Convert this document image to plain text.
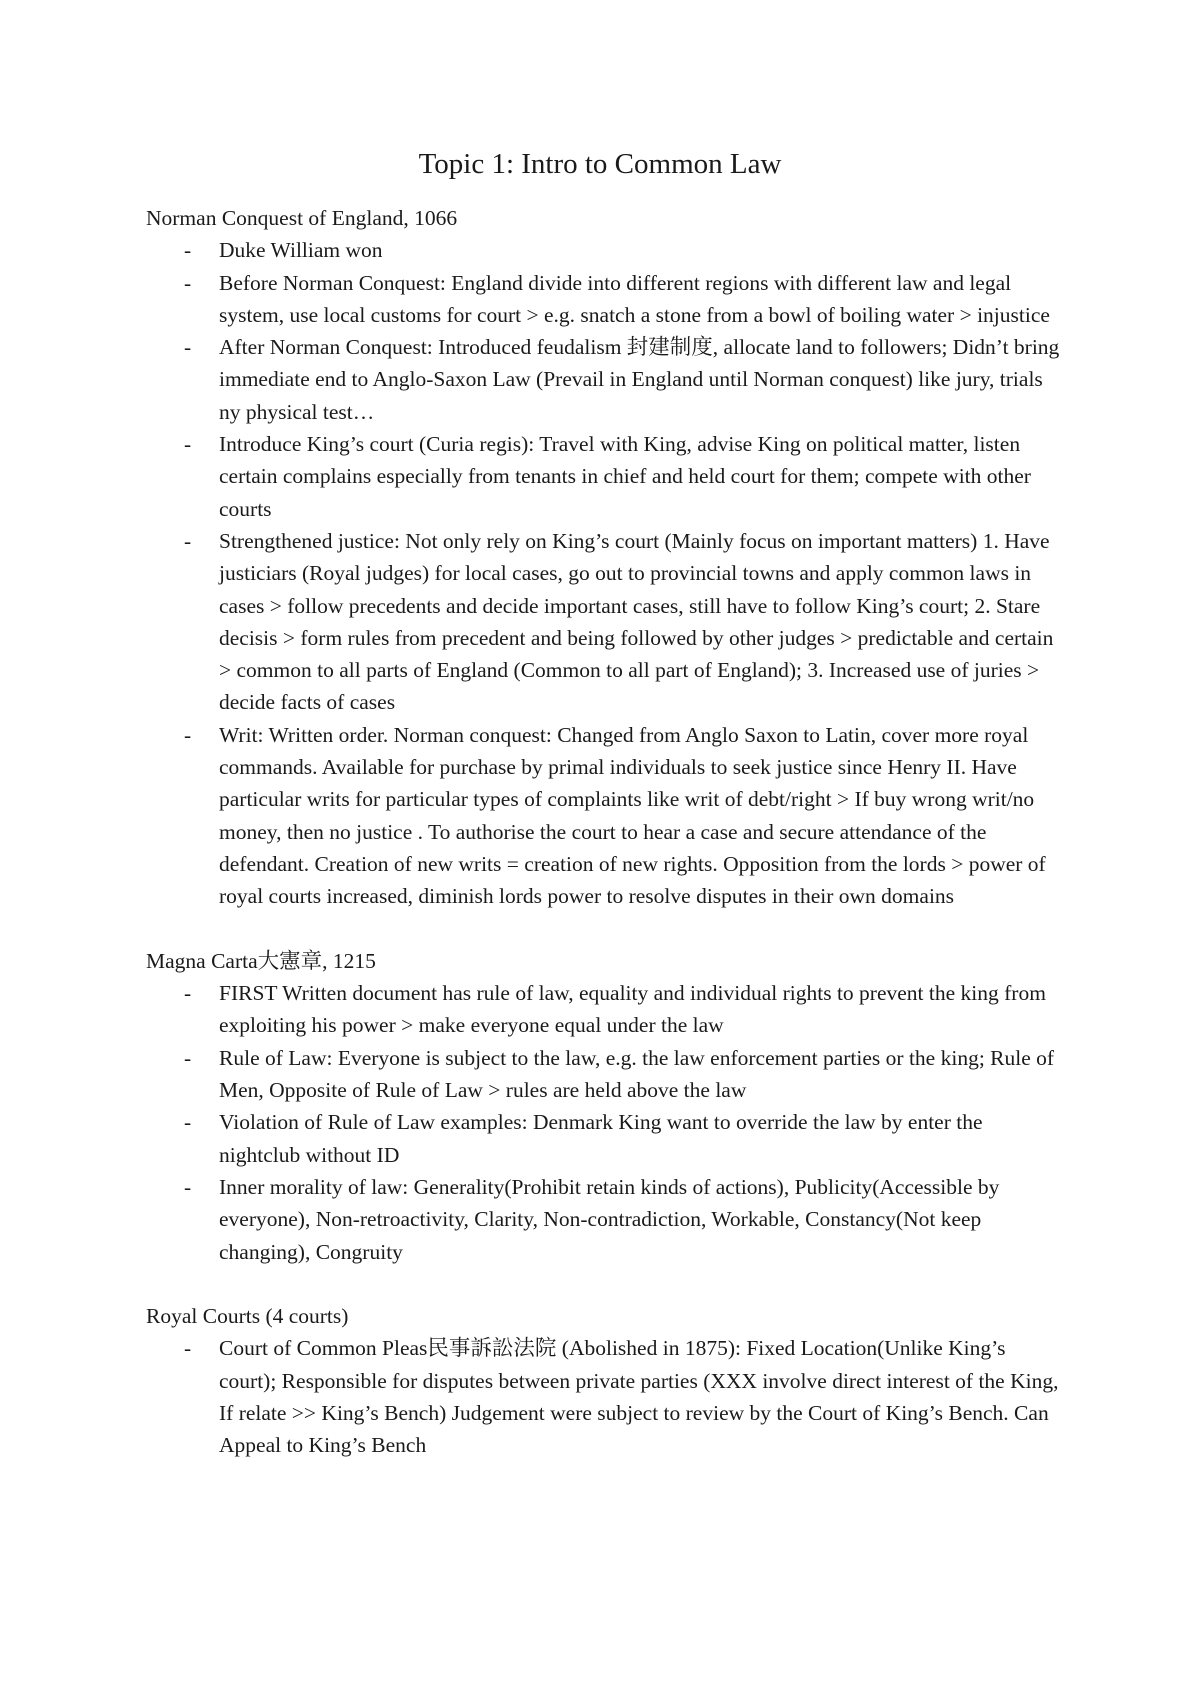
Topic 1: Intro to Common Law

Norman Conquest of England, 1066

- Duke William won
- Before Norman Conquest: England divide into different regions with different law and legal system, use local customs for court > e.g. snatch a stone from a bowl of boiling water > injustice
- After Norman Conquest: Introduced feudalism 封建制度, allocate land to followers; Didn’t bring immediate end to Anglo-Saxon Law (Prevail in England until Norman conquest) like jury, trials ny physical test…
- Introduce King’s court (Curia regis): Travel with King, advise King on political matter, listen certain complains especially from tenants in chief and held court for them; compete with other courts
- Strengthened justice: Not only rely on King’s court (Mainly focus on important matters) 1. Have justiciars (Royal judges) for local cases, go out to provincial towns and apply common laws in cases > follow precedents and decide important cases, still have to follow King’s court; 2. Stare decisis > form rules from precedent and being followed by other judges > predictable and certain > common to all parts of England (Common to all part of England); 3. Increased use of juries > decide facts of cases
- Writ: Written order. Norman conquest: Changed from Anglo Saxon to Latin, cover more royal commands. Available for purchase by primal individuals to seek justice since Henry II. Have particular writs for particular types of complaints like writ of debt/right > If buy wrong writ/no money, then no justice . To authorise the court to hear a case and secure attendance of the defendant. Creation of new writs = creation of new rights. Opposition from the lords > power of royal courts increased, diminish lords power to resolve disputes in their own domains

Magna Carta大憲章, 1215

- FIRST Written document has rule of law, equality and individual rights to prevent the king from exploiting his power > make everyone equal under the law
- Rule of Law: Everyone is subject to the law, e.g. the law enforcement parties or the king; Rule of Men, Opposite of Rule of Law > rules are held above the law
- Violation of Rule of Law examples: Denmark King want to override the law by enter the nightclub without ID
- Inner morality of law: Generality(Prohibit retain kinds of actions), Publicity(Accessible by everyone), Non-retroactivity, Clarity, Non-contradiction, Workable, Constancy(Not keep changing), Congruity

Royal Courts (4 courts)

- Court of Common Pleas民事訴訟法院 (Abolished in 1875): Fixed Location(Unlike King’s court); Responsible for disputes between private parties (XXX involve direct interest of the King, If relate >> King’s Bench) Judgement were subject to review by the Court of King’s Bench. Can Appeal to King’s Bench
